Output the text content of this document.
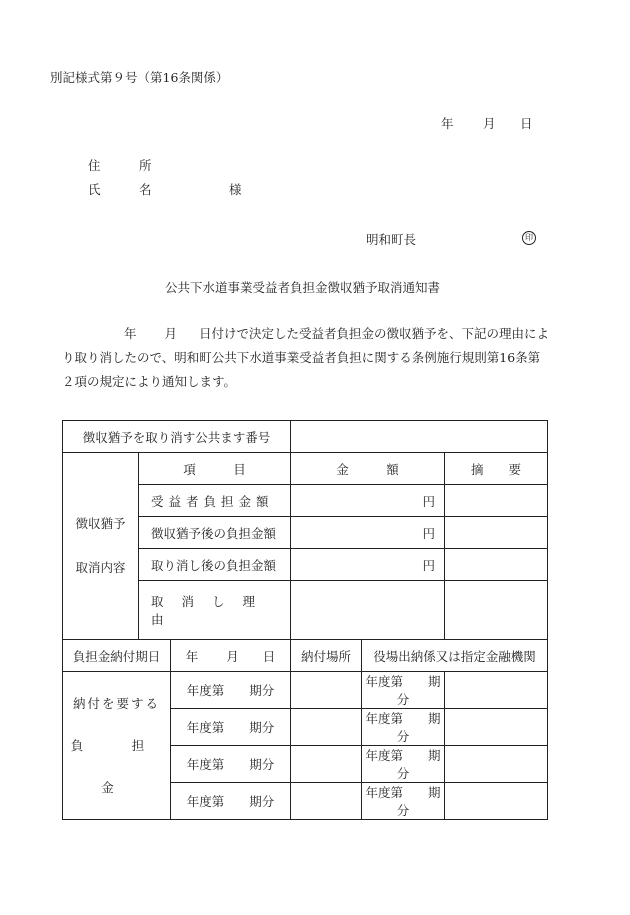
別記様式第９号（第16条関係）
年 月 日
住　所
氏　名	様
明和町長	印
公共下水道事業受益者負担金徴収猶予取消通知書
年 月 日付けで決定した受益者負担金の徴収猶予を、下記の理由により取り消したので、明和町公共下水道事業受益者負担に関する条例施行規則第16条第２項の規定により通知します。
徴収猶予を取り消す公共ます番号					

徴収猶予
取消内容	項　　　目		金　　　額		摘　　要
	受益者負担金額		円		
	徴収猶予後の負担金額		円		
	取り消し後の負担金額		円		
	取消し理由				
負担金納付期日		年 月 日	納付場所	役場出納係又は指定金融機関	

納付を要する
負　担　金		年度第　　期分		年度第　　期分	
		年度第　　期分		年度第　　期分	
		年度第　　期分		年度第　　期分	
		年度第　　期分		年度第　　期分	
